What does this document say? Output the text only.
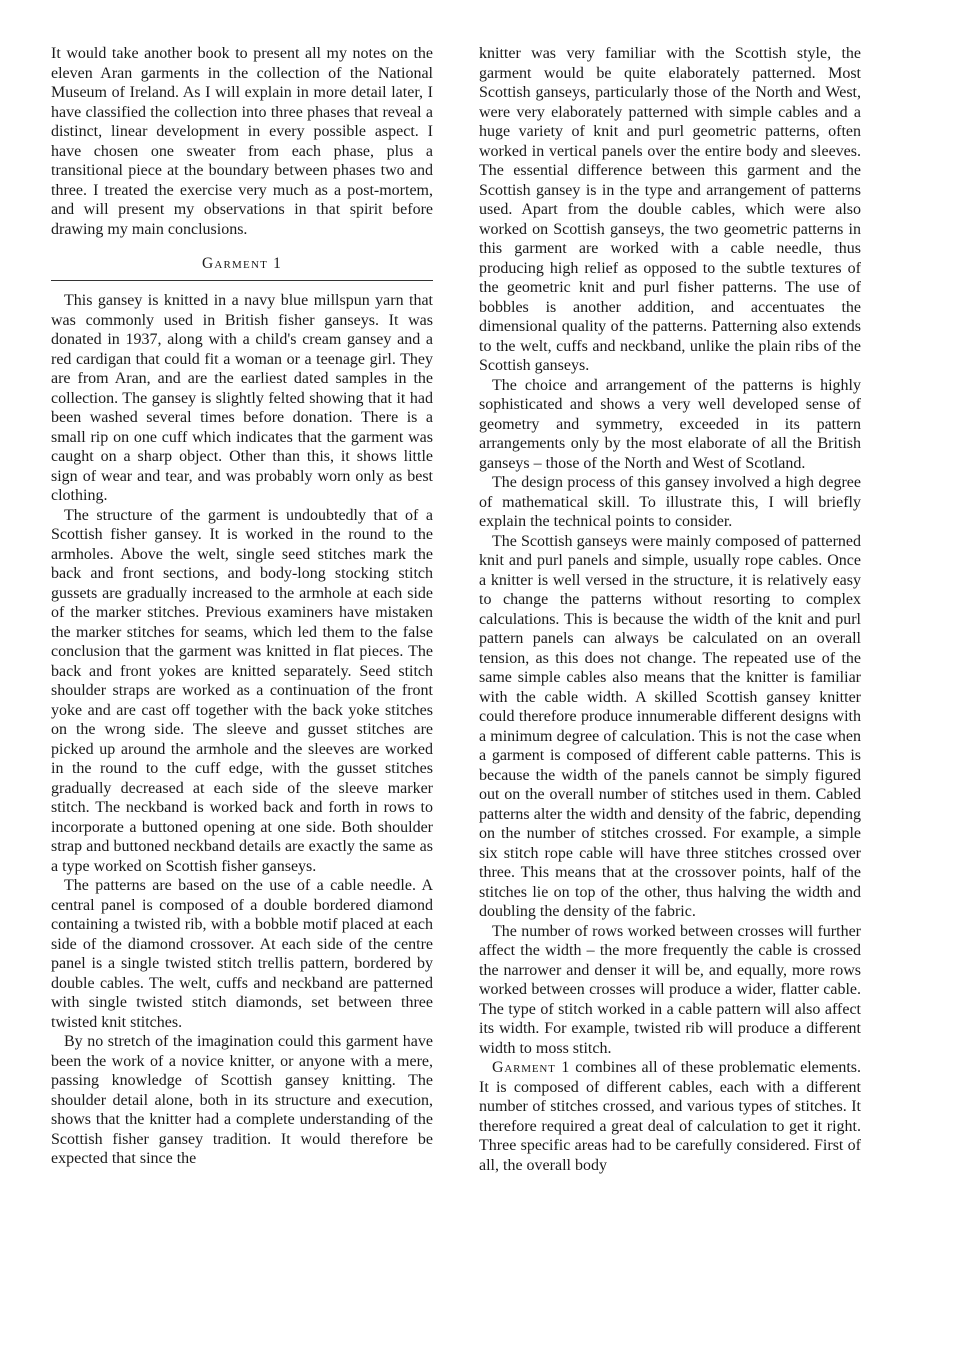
It would take another book to present all my notes on the eleven Aran garments in the collection of the National Museum of Ireland. As I will explain in more detail later, I have classified the collection into three phases that reveal a distinct, linear development in every possible aspect. I have chosen one sweater from each phase, plus a transitional piece at the boundary between phases two and three. I treated the exercise very much as a post-mortem, and will present my observations in that spirit before drawing my main conclusions.

Garment 1

This gansey is knitted in a navy blue millspun yarn that was commonly used in British fisher ganseys. It was donated in 1937, along with a child's cream gansey and a red cardigan that could fit a woman or a teenage girl. They are from Aran, and are the earliest dated samples in the collection. The gansey is slightly felted showing that it had been washed several times before donation. There is a small rip on one cuff which indicates that the garment was caught on a sharp object. Other than this, it shows little sign of wear and tear, and was probably worn only as best clothing.

The structure of the garment is undoubtedly that of a Scottish fisher gansey. It is worked in the round to the armholes. Above the welt, single seed stitches mark the back and front sections, and body-long stocking stitch gussets are gradually increased to the armhole at each side of the marker stitches. Previous examiners have mistaken the marker stitches for seams, which led them to the false conclusion that the garment was knitted in flat pieces. The back and front yokes are knitted separately. Seed stitch shoulder straps are worked as a continuation of the front yoke and are cast off together with the back yoke stitches on the wrong side. The sleeve and gusset stitches are picked up around the armhole and the sleeves are worked in the round to the cuff edge, with the gusset stitches gradually decreased at each side of the sleeve marker stitch. The neckband is worked back and forth in rows to incorporate a buttoned opening at one side. Both shoulder strap and buttoned neckband details are exactly the same as a type worked on Scottish fisher ganseys.

The patterns are based on the use of a cable needle. A central panel is composed of a double bordered diamond containing a twisted rib, with a bobble motif placed at each side of the diamond crossover. At each side of the centre panel is a single twisted stitch trellis pattern, bordered by double cables. The welt, cuffs and neckband are patterned with single twisted stitch diamonds, set between three twisted knit stitches.

By no stretch of the imagination could this garment have been the work of a novice knitter, or anyone with a mere, passing knowledge of Scottish gansey knitting. The shoulder detail alone, both in its structure and execution, shows that the knitter had a complete understanding of the Scottish fisher gansey tradition. It would therefore be expected that since the

knitter was very familiar with the Scottish style, the garment would be quite elaborately patterned. Most Scottish ganseys, particularly those of the North and West, were very elaborately patterned with simple cables and a huge variety of knit and purl geometric patterns, often worked in vertical panels over the entire body and sleeves. The essential difference between this garment and the Scottish gansey is in the type and arrangement of patterns used. Apart from the double cables, which were also worked on Scottish ganseys, the two geometric patterns in this garment are worked with a cable needle, thus producing high relief as opposed to the subtle textures of the geometric knit and purl fisher patterns. The use of bobbles is another addition, and accentuates the dimensional quality of the patterns. Patterning also extends to the welt, cuffs and neckband, unlike the plain ribs of the Scottish ganseys.

The choice and arrangement of the patterns is highly sophisticated and shows a very well developed sense of geometry and symmetry, exceeded in its pattern arrangements only by the most elaborate of all the British ganseys – those of the North and West of Scotland.

The design process of this gansey involved a high degree of mathematical skill. To illustrate this, I will briefly explain the technical points to consider.

The Scottish ganseys were mainly composed of patterned knit and purl panels and simple, usually rope cables. Once a knitter is well versed in the structure, it is relatively easy to change the patterns without resorting to complex calculations. This is because the width of the knit and purl pattern panels can always be calculated on an overall tension, as this does not change. The repeated use of the same simple cables also means that the knitter is familiar with the cable width. A skilled Scottish gansey knitter could therefore produce innumerable different designs with a minimum degree of calculation. This is not the case when a garment is composed of different cable patterns. This is because the width of the panels cannot be simply figured out on the overall number of stitches used in them. Cabled patterns alter the width and density of the fabric, depending on the number of stitches crossed. For example, a simple six stitch rope cable will have three stitches crossed over three. This means that at the crossover points, half of the stitches lie on top of the other, thus halving the width and doubling the density of the fabric.

The number of rows worked between crosses will further affect the width – the more frequently the cable is crossed the narrower and denser it will be, and equally, more rows worked between crosses will produce a wider, flatter cable. The type of stitch worked in a cable pattern will also affect its width. For example, twisted rib will produce a different width to moss stitch.

Garment 1 combines all of these problematic elements. It is composed of different cables, each with a different number of stitches crossed, and various types of stitches. It therefore required a great deal of calculation to get it right. Three specific areas had to be carefully considered. First of all, the overall body
